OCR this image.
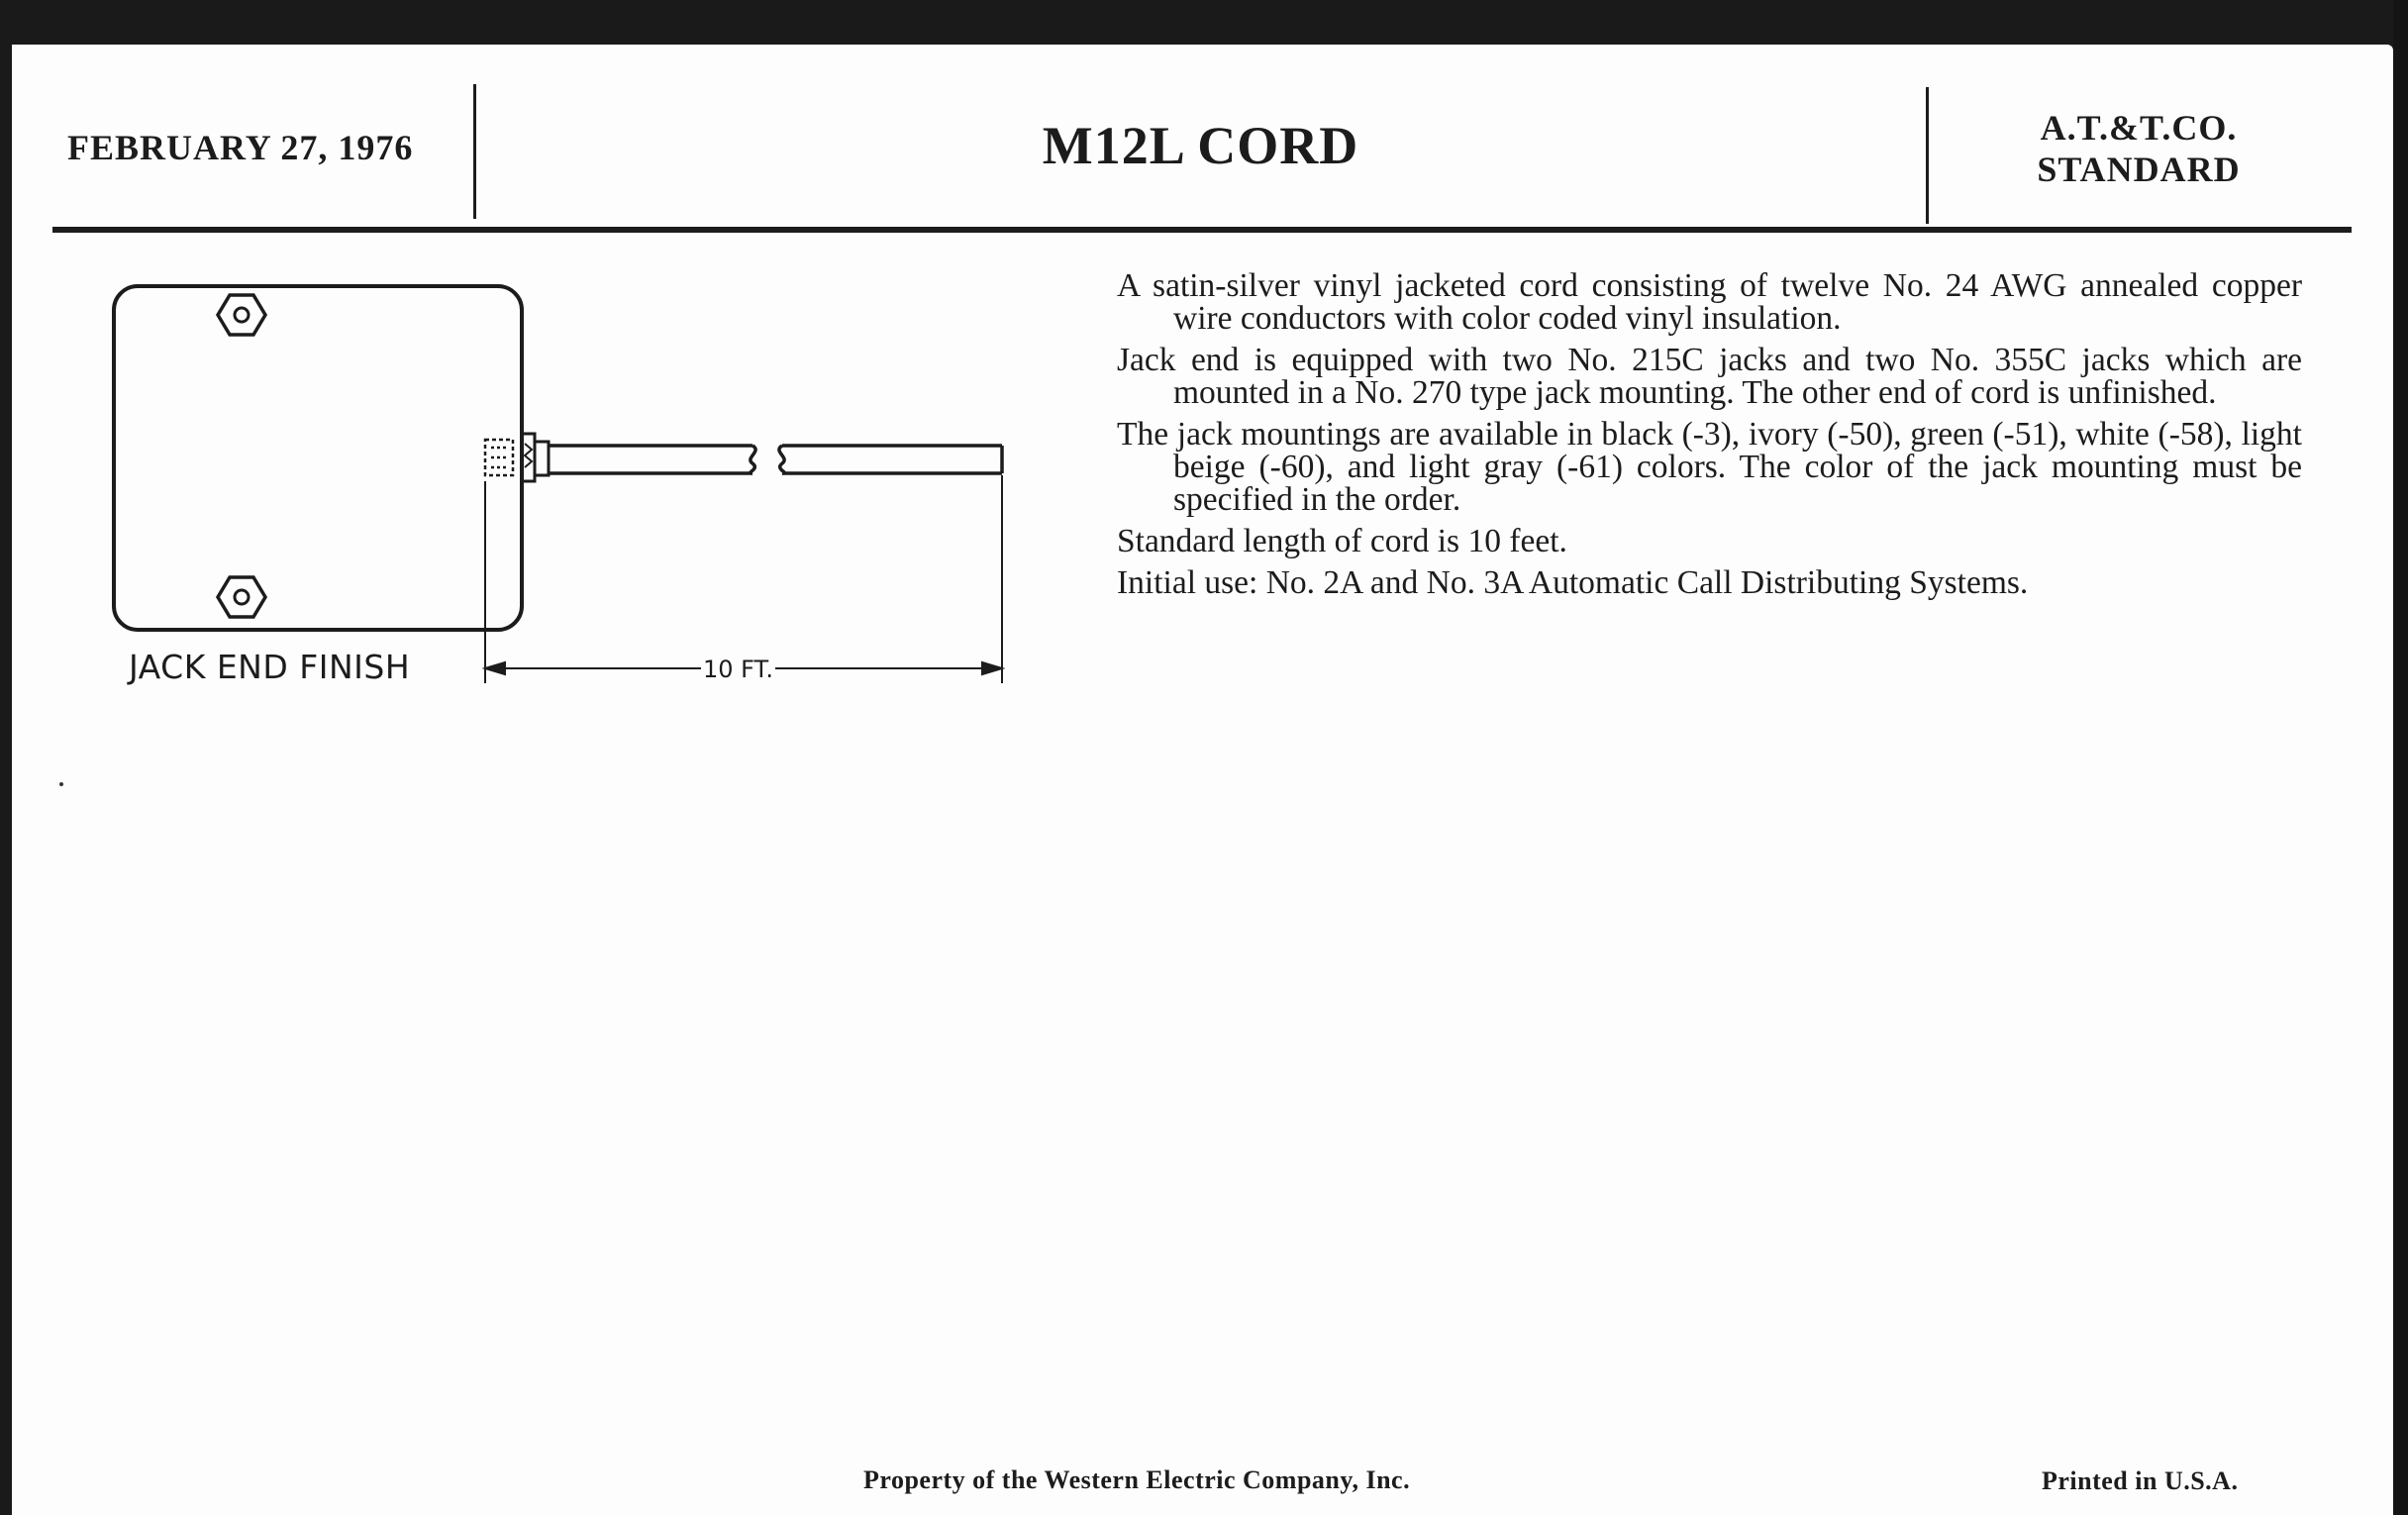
FEBRUARY 27, 1976	M12L CORD	A.T.&T.CO.
STANDARD
10 FT.
JACK END FINISH

A satin-silver vinyl jacketed cord consisting of twelve No. 24 AWG annealed copper wire conductors with color coded vinyl insulation.

Jack end is equipped with two No. 215C jacks and two No. 355C jacks which are mounted in a No. 270 type jack mounting. The other end of cord is unfinished.

The jack mountings are available in black (-3), ivory (-50), green (-51), white (-58), light beige (-60), and light gray (-61) colors. The color of the jack mounting must be specified in the order.

Standard length of cord is 10 feet.

Initial use: No. 2A and No. 3A Automatic Call Distributing Systems.

Property of the Western Electric Company, Inc.	Printed in U.S.A.
